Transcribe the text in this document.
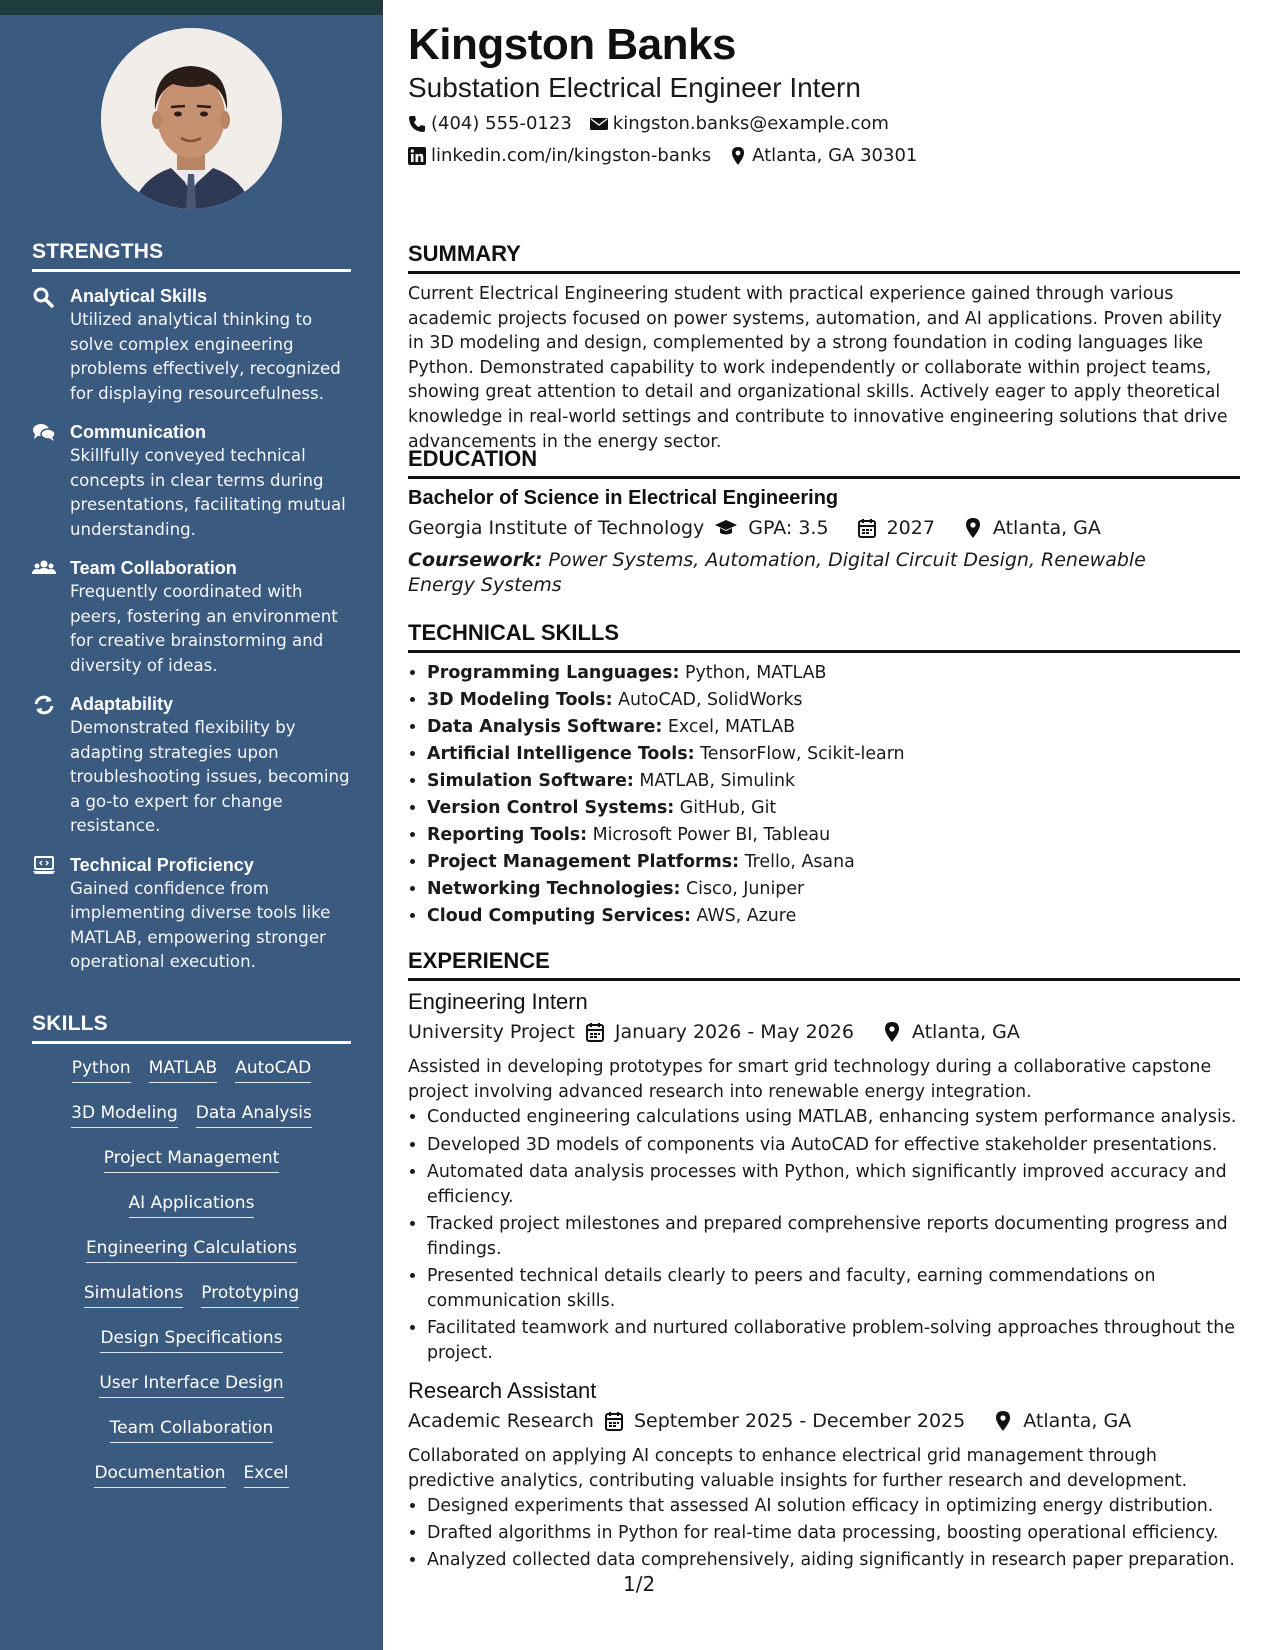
STRENGTHS
Analytical Skills
Utilized analytical thinking to solve complex engineering problems effectively, recognized for displaying resourcefulness.
Communication
Skillfully conveyed technical concepts in clear terms during presentations, facilitating mutual understanding.
Team Collaboration
Frequently coordinated with peers, fostering an environment for creative brainstorming and diversity of ideas.
Adaptability
Demonstrated flexibility by adapting strategies upon troubleshooting issues, becoming a go-to expert for change resistance.
Technical Proficiency
Gained confidence from implementing diverse tools like MATLAB, empowering stronger operational execution.
SKILLS
Python MATLAB AutoCAD
3D Modeling Data Analysis
Project Management
AI Applications
Engineering Calculations
Simulations Prototyping
Design Specifications
User Interface Design
Team Collaboration
Documentation Excel
Kingston Banks
Substation Electrical Engineer Intern
(404) 555-0123 kingston.banks@example.com
linkedin.com/in/kingston-banks Atlanta, GA 30301
SUMMARY

Current Electrical Engineering student with practical experience gained through various academic projects focused on power systems, automation, and AI applications. Proven ability in 3D modeling and design, complemented by a strong foundation in coding languages like Python. Demonstrated capability to work independently or collaborate within project teams, showing great attention to detail and organizational skills. Actively eager to apply theoretical knowledge in real-world settings and contribute to innovative engineering solutions that drive advancements in the energy sector.

EDUCATION
Bachelor of Science in Electrical Engineering
Georgia Institute of Technology GPA: 3.5	2027	Atlanta, GA
Coursework: Power Systems, Automation, Digital Circuit Design, Renewable Energy Systems
TECHNICAL SKILLS
• Programming Languages: Python, MATLAB
• 3D Modeling Tools: AutoCAD, SolidWorks
• Data Analysis Software: Excel, MATLAB
• Artificial Intelligence Tools: TensorFlow, Scikit-learn
• Simulation Software: MATLAB, Simulink
• Version Control Systems: GitHub, Git
• Reporting Tools: Microsoft Power BI, Tableau
• Project Management Platforms: Trello, Asana
• Networking Technologies: Cisco, Juniper
• Cloud Computing Services: AWS, Azure
EXPERIENCE
Engineering Intern
University Project January 2026 - May 2026	Atlanta, GA

Assisted in developing prototypes for smart grid technology during a collaborative capstone project involving advanced research into renewable energy integration.

• Conducted engineering calculations using MATLAB, enhancing system performance analysis.
• Developed 3D models of components via AutoCAD for effective stakeholder presentations.
• Automated data analysis processes with Python, which significantly improved accuracy and efficiency.
• Tracked project milestones and prepared comprehensive reports documenting progress and findings.
• Presented technical details clearly to peers and faculty, earning commendations on communication skills.
• Facilitated teamwork and nurtured collaborative problem-solving approaches throughout the project.
Research Assistant
Academic Research September 2025 - December 2025	Atlanta, GA

Collaborated on applying AI concepts to enhance electrical grid management through predictive analytics, contributing valuable insights for further research and development.

• Designed experiments that assessed AI solution efficacy in optimizing energy distribution.
• Drafted algorithms in Python for real-time data processing, boosting operational efficiency.
• Analyzed collected data comprehensively, aiding significantly in research paper preparation.
1/2
